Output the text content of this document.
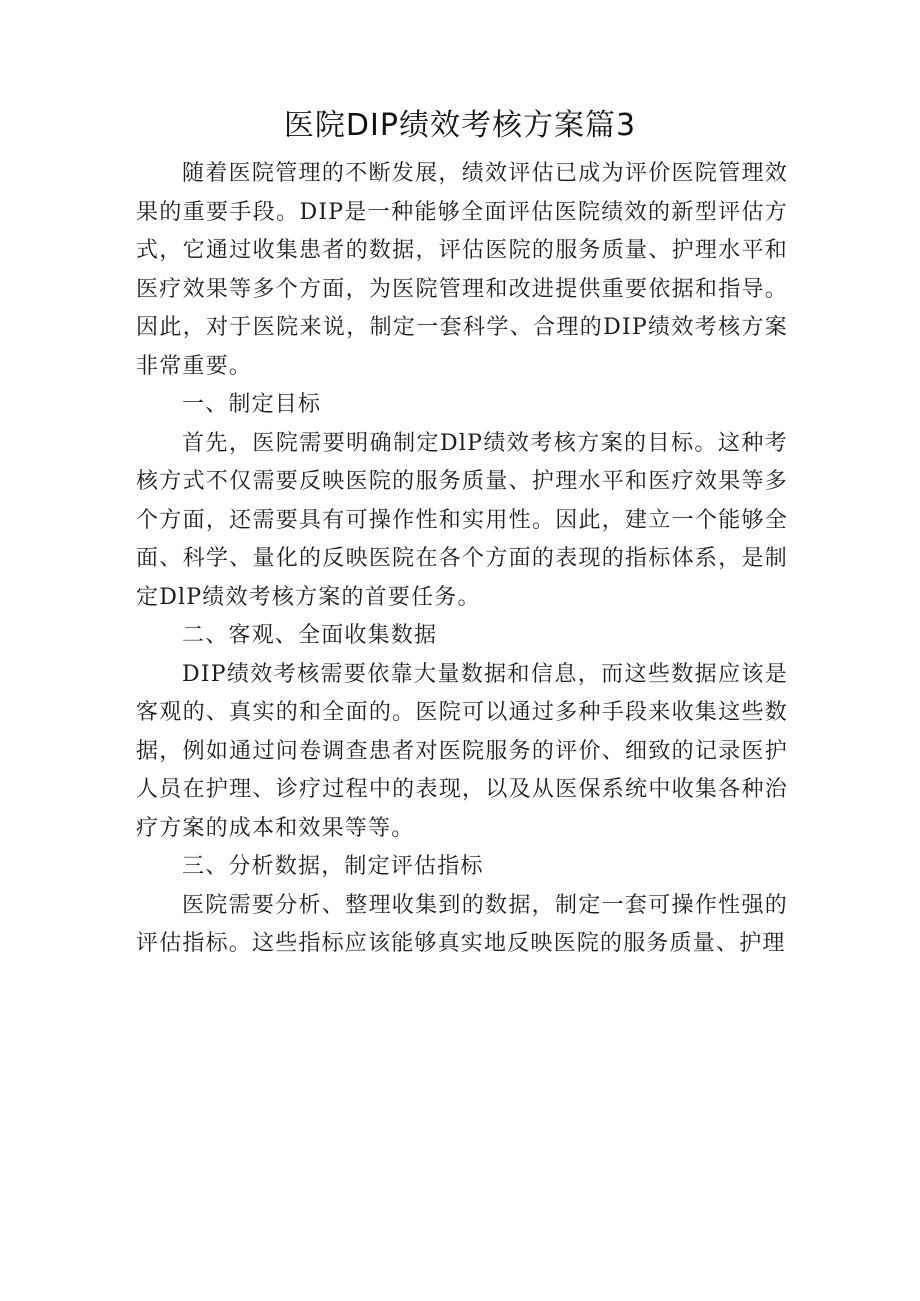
医院DIP绩效考核方案篇3

随着医院管理的不断发展，绩效评估已成为评价医院管理效果的重要手段。DIP是一种能够全面评估医院绩效的新型评估方式，它通过收集患者的数据，评估医院的服务质量、护理水平和医疗效果等多个方面，为医院管理和改进提供重要依据和指导。因此，对于医院来说，制定一套科学、合理的DIP绩效考核方案非常重要。

一、制定目标

首先，医院需要明确制定DlP绩效考核方案的目标。这种考核方式不仅需要反映医院的服务质量、护理水平和医疗效果等多个方面，还需要具有可操作性和实用性。因此，建立一个能够全面、科学、量化的反映医院在各个方面的表现的指标体系，是制定DlP绩效考核方案的首要任务。

二、客观、全面收集数据

DIP绩效考核需要依靠大量数据和信息，而这些数据应该是客观的、真实的和全面的。医院可以通过多种手段来收集这些数据，例如通过问卷调查患者对医院服务的评价、细致的记录医护人员在护理、诊疗过程中的表现，以及从医保系统中收集各种治疗方案的成本和效果等等。

三、分析数据，制定评估指标

医院需要分析、整理收集到的数据，制定一套可操作性强的评估指标。这些指标应该能够真实地反映医院的服务质量、护理
